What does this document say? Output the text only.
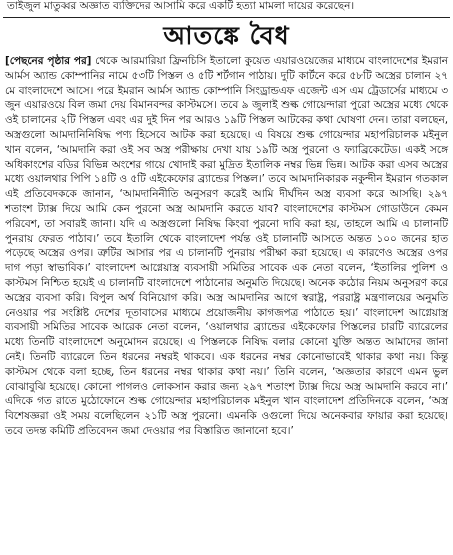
তাইজুল মাতুব্বর অজ্ঞাত ব্যক্তিদের আসামি করে একটি হত্যা মামলা দায়ের করেছেন।
আতঙ্কে বৈধ

[পেছনের পৃষ্ঠার পর] থেকে আরমারিয়া ফ্রিনচিসি ইতালো কুয়েত এয়ারওয়েজের মাধ্যমে বাংলাদেশের ইমরান আর্মস অ্যান্ড কোম্পানির নামে ৫৩টি পিস্তল ও ৫টি শর্টগান পাঠায়। দুটি কার্টনে করে ৫৮টি অস্ত্রের চালান ২৭ মে বাংলাদেশে আসে। পরে ইমরান আর্মস অ্যান্ড কোম্পানি সিংড্রান্ডএফ এজেন্ট এস এম ট্রেডার্সের মাধ্যমে ৩ জুন এয়ারওয়ে বিল জমা দেয় বিমানবন্দর কাস্টমসে। তবে ৯ জুলাই শুল্ক গোয়েন্দারা পুরো অস্ত্রের মধ্যে থেকে ওই চালানের ২টি পিস্তল এবং এর দুই দিন পর আরও ১৯টি পিস্তল আটকের কথা ঘোষণা দেন। তারা বলছেন, অস্ত্রগুলো আমদানিনিষিদ্ধ পণ্য হিসেবে আটক করা হয়েছে। এ বিষয়ে শুল্ক গোয়েন্দার মহাপরিচালক মইনুল খান বলেন, ‘আমদানি করা ওই সব অস্ত্র পরীক্ষায় দেখা যায় ১৯টি অস্ত্র পুরনো ও ফ্যাব্রিকেটেড। একই সঙ্গে অধিকাংশের বডির বিভিন্ন অংশের গায়ে খোদাই করা মুদ্রিত ইতালিক নম্বর ভিন্ন ভিন্ন। আটক করা এসব অস্ত্রের মধ্যে ওয়ালথার পিপি ১৪টি ও ৫টি এইকেফোর ব্র্যান্ডের পিস্তল।’ তবে আমদানিকারক নকুন্দীন ইমরান গতকাল এই প্রতিবেদককে জানান, ‘আমদানিনীতি অনুসরণ করেই আমি দীর্ঘদিন অস্ত্র ব্যবসা করে আসছি। ২৯৭ শতাংশ ট্যাক্স দিয়ে আমি কেন পুরনো অস্ত্র আমদানি করতে যাব? বাংলাদেশের কাস্টমস গোডাউনে কেমন পরিবেশ, তা সবারই জানা। যদি এ অস্ত্রগুলো নিষিদ্ধ কিংবা পুরনো দাবি করা হয়, তাহলে আমি এ চালানটি পুনরায় ফেরত পাঠাব।’ তবে ইতালি থেকে বাংলাদেশ পর্যন্ত ওই চালানটি আসতে অন্তত ১০০ জনের হাত পড়েছে অস্ত্রের ওপর। ত্রুটির আসার পর এ চালানটি পুনরায় পরীক্ষা করা হয়েছে। এ কারণেও অস্ত্রের ওপর দাগ পড়া স্বাভাবিক।’ বাংলাদেশ আগ্নেয়াস্ত্র ব্যবসায়ী সমিতির সাবেক এক নেতা বলেন, ‘ইতালির পুলিশ ও কাস্টমস নিশ্চিত হয়েই এ চালানটি বাংলাদেশে পাঠানোর অনুমতি দিয়েছে। অনেক কঠোর নিয়ম অনুসরণ করে অস্ত্রের ব্যবসা করি। বিপুল অর্থ বিনিয়োগ করি। অস্ত্র আমদানির আগে স্বরাষ্ট্র, পররাষ্ট্র মন্ত্রণালয়ের অনুমতি নেওয়ার পর সংশ্লিষ্ট দেশের দূতাবাসের মাধ্যমে প্রয়োজনীয় কাগজপত্র পাঠাতে হয়।’ বাংলাদেশ আগ্নেয়াস্ত্র ব্যবসায়ী সমিতির সাবেক আরেক নেতা বলেন, ‘ওয়ালথার ব্র্যান্ডের এইকেফোর পিস্তলের চারটি ব্যারেলের মধ্যে তিনটি বাংলাদেশে অনুমোদন রয়েছে। এ পিস্তলকে নিষিদ্ধ বলার কোনো যুক্তি অন্তত আমাদের জানা নেই। তিনটি ব্যারেলে তিন ধরনের নম্বরই থাকবে। এক ধরনের নম্বর কোনোভাবেই থাকার কথা নয়। কিন্তু কাস্টমস থেকে বলা হচ্ছে, তিন ধরনের নম্বর থাকার কথা নয়।’ তিনি বলেন, ‘অজ্ঞতার কারণে এমন ভুল বোঝাবুঝি হয়েছে। কোনো পাগলও লোকসান করার জন্য ২৯৭ শতাংশ ট্যাক্স দিয়ে অস্ত্র আমদানি করবে না।’ এদিকে গত রাতে মুঠোফোনে শুল্ক গোয়েন্দার মহাপরিচালক মইনুল খান বাংলাদেশ প্রতিদিনকে বলেন, ‘অস্ত্র বিশেষজ্ঞরা ওই সময় বলেছিলেন ২১টি অস্ত্র পুরনো। এমনকি ওগুলো দিয়ে অনেকবার ফায়ার করা হয়েছে। তবে তদন্ত কমিটি প্রতিবেদন জমা দেওয়ার পর বিস্তারিত জানানো হবে।’
